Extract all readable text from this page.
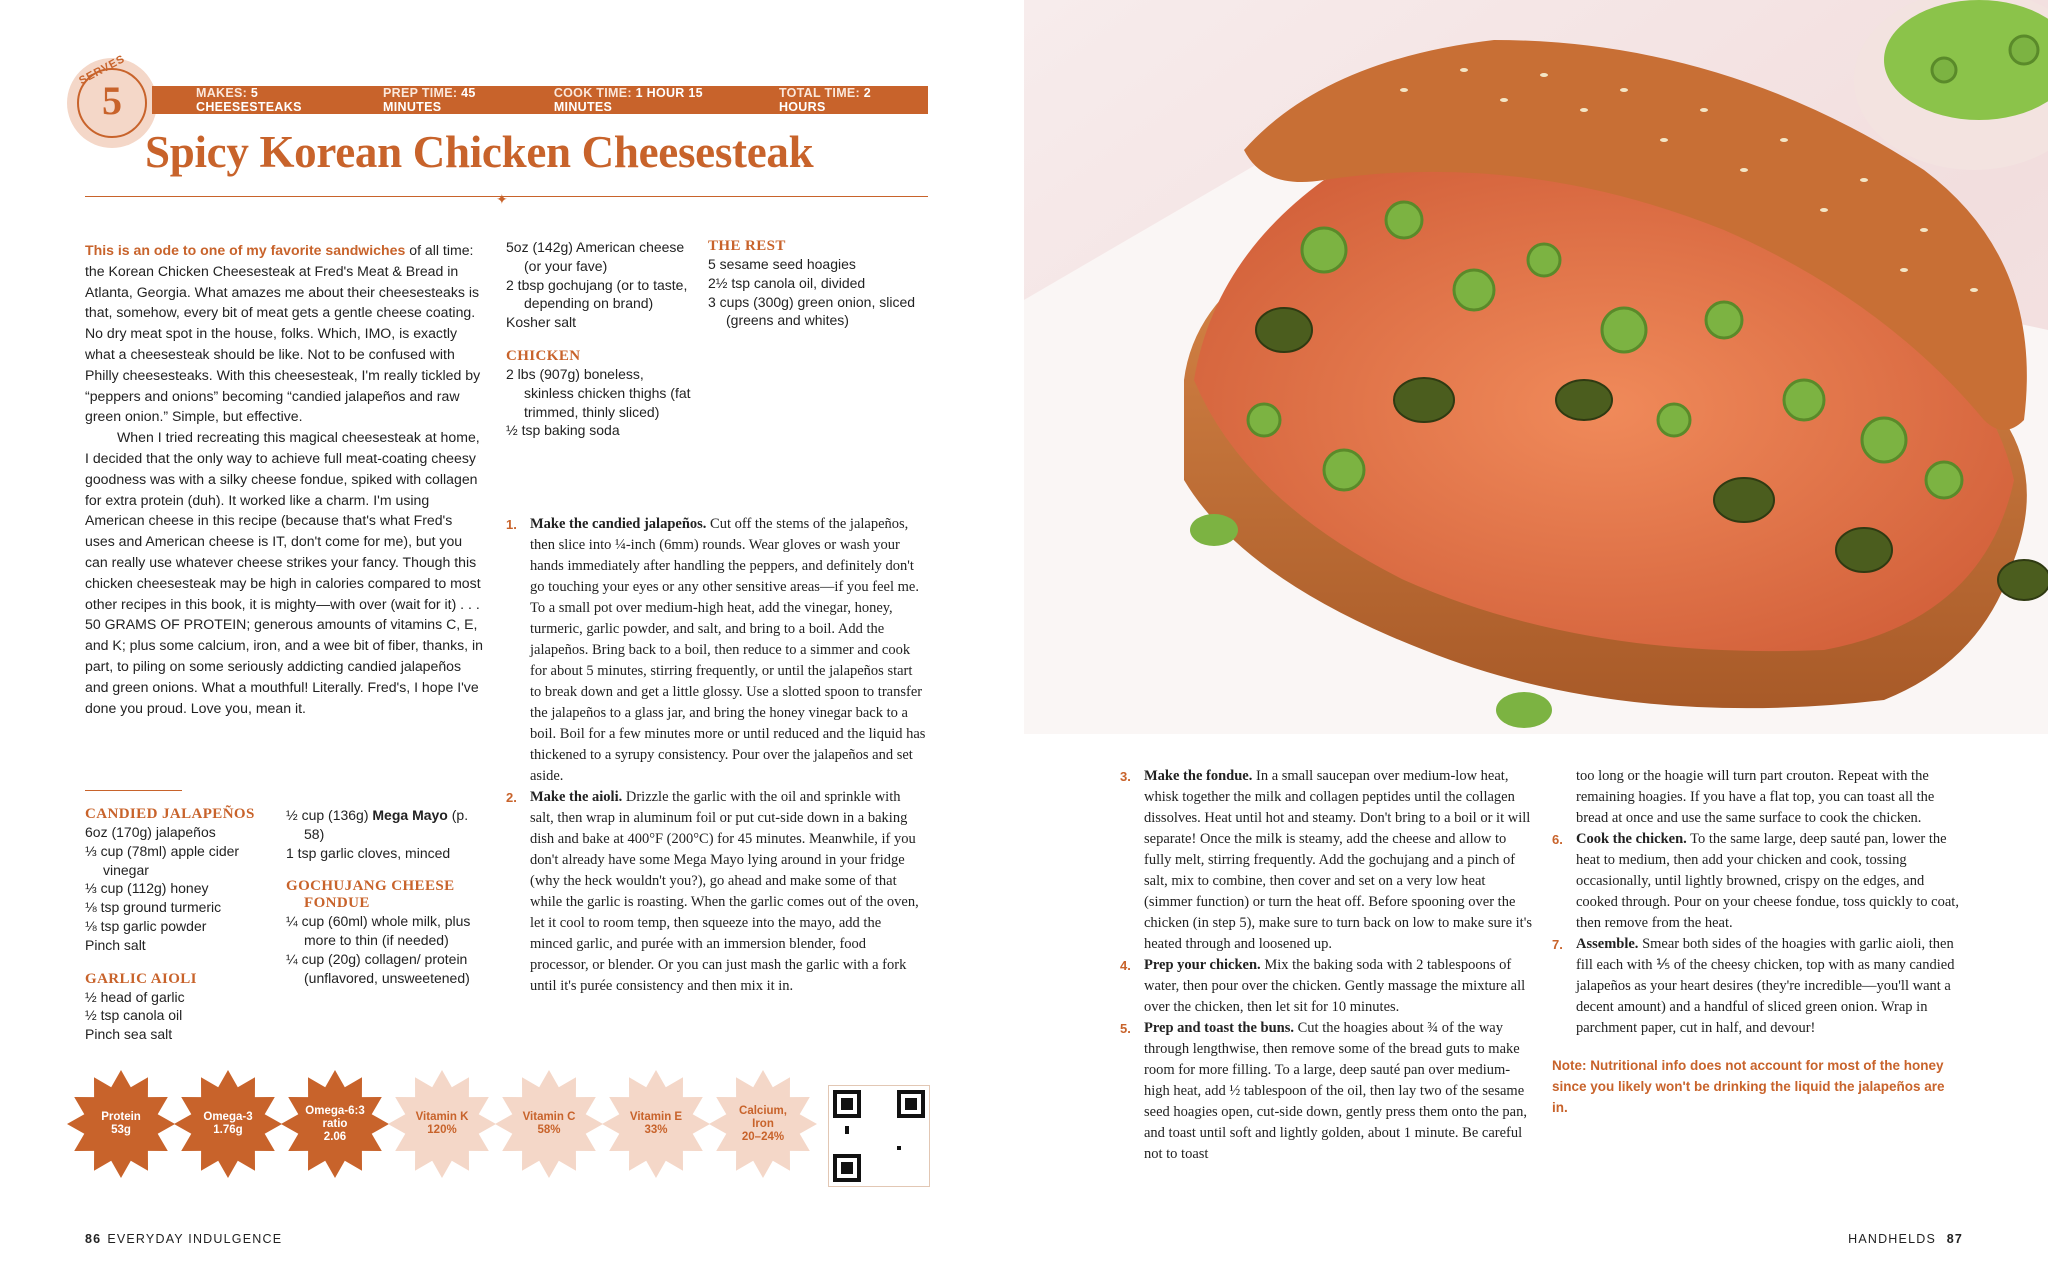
SERVES
5	MAKES: 5 CHEESESTEAKS
PREP TIME: 45 MINUTES
COOK TIME: 1 HOUR 15 MINUTES
TOTAL TIME: 2 HOURS
Spicy Korean Chicken Cheesesteak
✦

This is an ode to one of my favorite sandwiches of all time: the Korean Chicken Cheesesteak at Fred's Meat & Bread in Atlanta, Georgia. What amazes me about their cheesesteaks is that, somehow, every bit of meat gets a gentle cheese coating. No dry meat spot in the house, folks. Which, IMO, is exactly what a cheesesteak should be like. Not to be confused with Philly cheesesteaks. With this cheesesteak, I'm really tickled by “peppers and onions” becoming “candied jalapeños and raw green onion.” Simple, but effective.

When I tried recreating this magical cheesesteak at home, I decided that the only way to achieve full meat-coating cheesy goodness was with a silky cheese fondue, spiked with collagen for extra protein (duh). It worked like a charm. I'm using American cheese in this recipe (because that's what Fred's uses and American cheese is IT, don't come for me), but you can really use whatever cheese strikes your fancy. Though this chicken cheesesteak may be high in calories compared to most other recipes in this book, it is mighty—with over (wait for it) . . . 50 GRAMS OF PROTEIN; generous amounts of vitamins C, E, and K; plus some calcium, iron, and a wee bit of fiber, thanks, in part, to piling on some seriously addicting candied jalapeños and green onions. What a mouthful! Literally. Fred's, I hope I've done you proud. Love you, mean it.

CANDIED JALAPEÑOS

6oz (170g) jalapeños

⅓ cup (78ml) apple cider vinegar

⅓ cup (112g) honey

⅛ tsp ground turmeric

⅛ tsp garlic powder

Pinch salt

GARLIC AIOLI

½ head of garlic

½ tsp canola oil

Pinch sea salt

½ cup (136g) Mega Mayo (p. 58)

1 tsp garlic cloves, minced

GOCHUJANG CHEESE FONDUE

¼ cup (60ml) whole milk, plus more to thin (if needed)

¼ cup (20g) collagen/ protein (unflavored, unsweetened)

5oz (142g) American cheese (or your fave)

2 tbsp gochujang (or to taste, depending on brand)

Kosher salt

CHICKEN

2 lbs (907g) boneless, skinless chicken thighs (fat trimmed, thinly sliced)

½ tsp baking soda

THE REST

5 sesame seed hoagies

2½ tsp canola oil, divided

3 cups (300g) green onion, sliced (greens and whites)

1. Make the candied jalapeños. Cut off the stems of the jalapeños, then slice into ¼-inch (6mm) rounds. Wear gloves or wash your hands immediately after handling the peppers, and definitely don't go touching your eyes or any other sensitive areas—if you feel me. To a small pot over medium-high heat, add the vinegar, honey, turmeric, garlic powder, and salt, and bring to a boil. Add the jalapeños. Bring back to a boil, then reduce to a simmer and cook for about 5 minutes, stirring frequently, or until the jalapeños start to break down and get a little glossy. Use a slotted spoon to transfer the jalapeños to a glass jar, and bring the honey vinegar back to a boil. Boil for a few minutes more or until reduced and the liquid has thickened to a syrupy consistency. Pour over the jalapeños and set aside.

2. Make the aioli. Drizzle the garlic with the oil and sprinkle with salt, then wrap in aluminum foil or put cut-side down in a baking dish and bake at 400°F (200°C) for 45 minutes. Meanwhile, if you don't already have some Mega Mayo lying around in your fridge (why the heck wouldn't you?), go ahead and make some of that while the garlic is roasting. When the garlic comes out of the oven, let it cool to room temp, then squeeze into the mayo, add the minced garlic, and purée with an immersion blender, food processor, or blender. Or you can just mash the garlic with a fork until it's purée consistency and then mix it in.

Protein
53g
Omega-3
1.76g
Omega-6:3 ratio
2.06
Vitamin K
120%
Vitamin C
58%
Vitamin E
33%
Calcium, Iron
20–24%
86 EVERYDAY INDULGENCE

3. Make the fondue. In a small saucepan over medium-low heat, whisk together the milk and collagen peptides until the collagen dissolves. Heat until hot and steamy. Don't bring to a boil or it will separate! Once the milk is steamy, add the cheese and allow to fully melt, stirring frequently. Add the gochujang and a pinch of salt, mix to combine, then cover and set on a very low heat (simmer function) or turn the heat off. Before spooning over the chicken (in step 5), make sure to turn back on low to make sure it's heated through and loosened up.

4. Prep your chicken. Mix the baking soda with 2 tablespoons of water, then pour over the chicken. Gently massage the mixture all over the chicken, then let sit for 10 minutes.

5. Prep and toast the buns. Cut the hoagies about ¾ of the way through lengthwise, then remove some of the bread guts to make room for more filling. To a large, deep sauté pan over medium-high heat, add ½ tablespoon of the oil, then lay two of the sesame seed hoagies open, cut-side down, gently press them onto the pan, and toast until soft and lightly golden, about 1 minute. Be careful not to toast

too long or the hoagie will turn part crouton. Repeat with the remaining hoagies. If you have a flat top, you can toast all the bread at once and use the same surface to cook the chicken.

6. Cook the chicken. To the same large, deep sauté pan, lower the heat to medium, then add your chicken and cook, tossing occasionally, until lightly browned, crispy on the edges, and cooked through. Pour on your cheese fondue, toss quickly to coat, then remove from the heat.

7. Assemble. Smear both sides of the hoagies with garlic aioli, then fill each with ⅕ of the cheesy chicken, top with as many candied jalapeños as your heart desires (they're incredible—you'll want a decent amount) and a handful of sliced green onion. Wrap in parchment paper, cut in half, and devour!

Note: Nutritional info does not account for most of the honey since you likely won't be drinking the liquid the jalapeños are in.

HANDHELDS 87
